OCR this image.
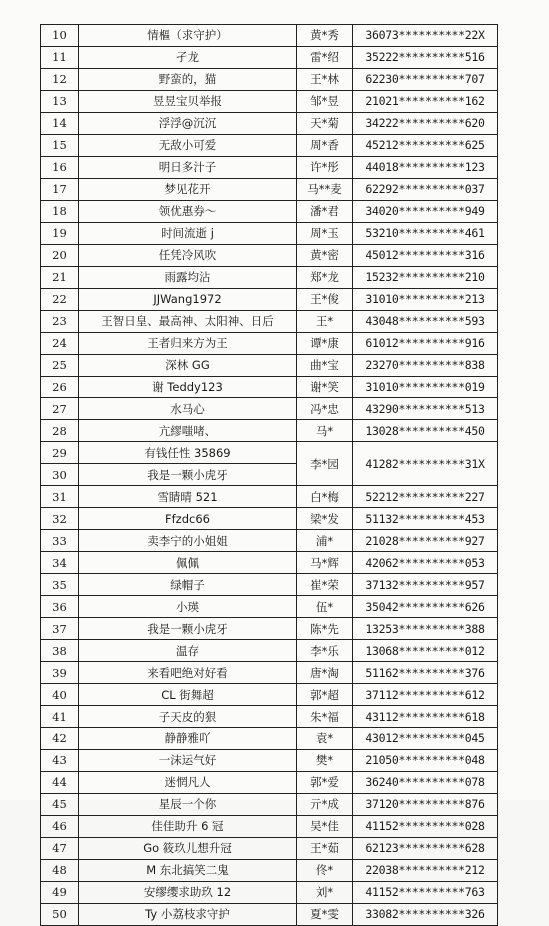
10	情樞（求守护）	黄*秀	36073**********22X
11	孑龙	雷*绍	35222**********516
12	野蛮的，猫	王*林	62230**********707
13	昱昱宝贝举报	邹*昱	21021**********162
14	浮浮@沉沉	天*菊	34222**********620
15	无敌小可爱	周*香	45212**********625
16	明日多汁子	许*彤	44018**********123
17	梦见花开	马**麦	62292**********037
18	领优惠券～	潘*君	34020**********949
19	时间流逝 j	周*玉	53210**********461
20	任凭冷风吹	黄*密	45012**********316
21	雨露均沾	郑*龙	15232**********210
22	JJWang1972	王*俊	31010**********213
23	王智日皇、最高神、太阳神、日后	王*	43048**********593
24	王者归来方为王	谭*康	61012**********916
25	深林 GG	曲*宝	23270**********838
26	谢 Teddy123	谢*笑	31010**********019
27	水马心	冯*忠	43290**********513
28	亢繆嗤啫、	马*	13028**********450
29	有钱任性 35869	李*园	41282**********31X
30	我是一颗小虎牙		
31	雪睛晴 521	白*梅	52212**********227
32	Ffzdc66	梁*发	51132**********453
33	卖李宁的小姐姐	浦*	21028**********927
34	佩佩	马*辉	42062**********053
35	绿帽子	崔*荣	37132**********957
36	小瑛	伍*	35042**********626
37	我是一颗小虎牙	陈*先	13253**********388
38	温存	李*乐	13068**********012
39	来看吧绝对好看	唐*淘	51162**********376
40	CL 街舞超	郭*超	37112**********612
41	子天皮的狠	朱*福	43112**********618
42	静静雅吖	袁*	43012**********045
43	一沫运气好	樊*	21050**********048
44	迷惘凡人	郭*爱	36240**********078
45	星辰一个你	亓*成	37120**********876
46	佳佳助升 6 冠	吴*佳	41152**********028
47	Go 筱玖儿想升冠	王*茹	62123**********628
48	M 东北搞笑二鬼	佟*	22038**********212
49	安缪缨求助玖 12	刘*	41152**********763
50	Ty 小荔枝求守护	夏*雯	33082**********326
